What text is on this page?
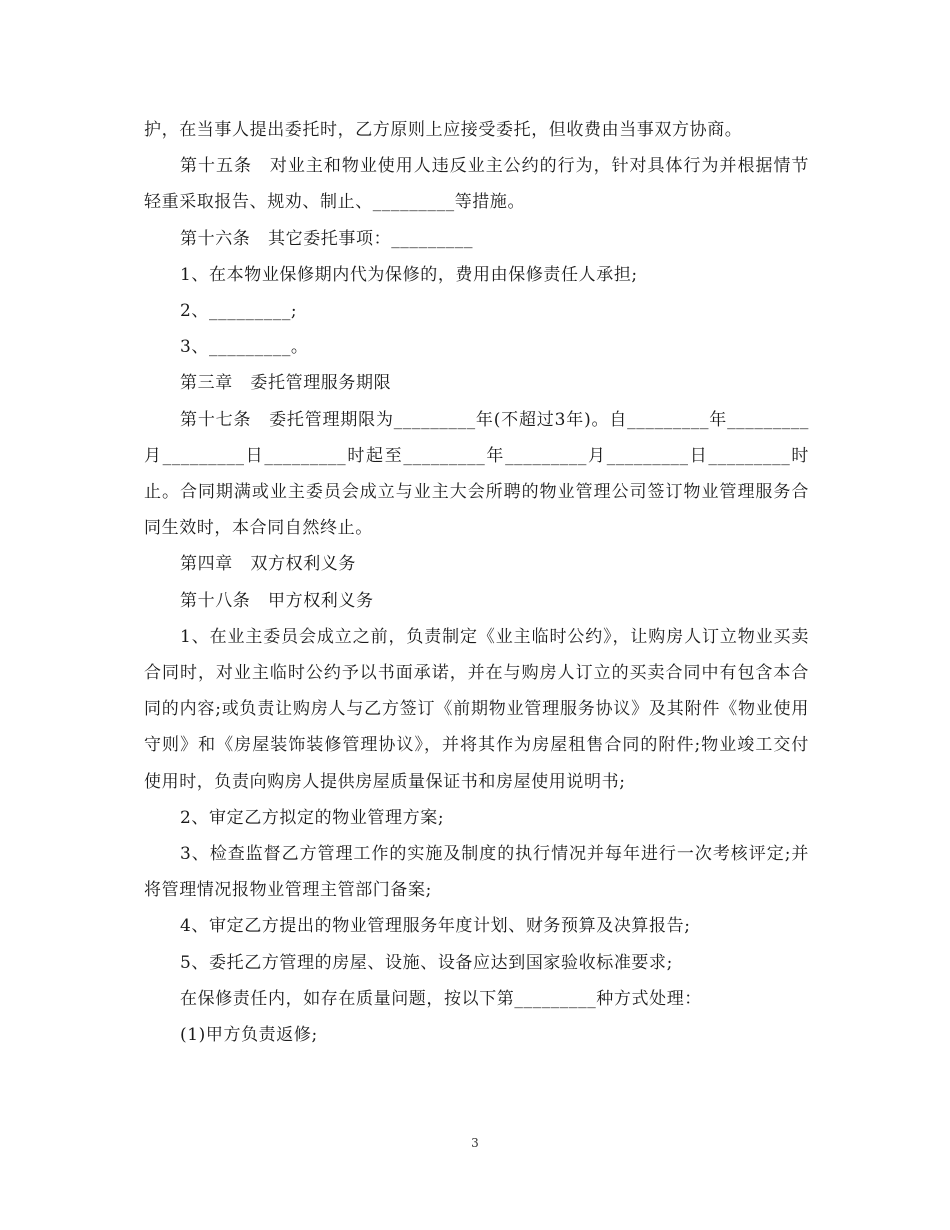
护，在当事人提出委托时，乙方原则上应接受委托，但收费由当事双方协商。

第十五条　对业主和物业使用人违反业主公约的行为，针对具体行为并根据情节轻重采取报告、规劝、制止、_________等措施。

第十六条　其它委托事项：_________

1、在本物业保修期内代为保修的，费用由保修责任人承担;

2、_________;

3、_________。

第三章　委托管理服务期限

第十七条　委托管理期限为_________年(不超过3年)。自_________年_________月_________日_________时起至_________年_________月_________日_________时止。合同期满或业主委员会成立与业主大会所聘的物业管理公司签订物业管理服务合同生效时，本合同自然终止。

第四章　双方权利义务

第十八条　甲方权利义务

1、在业主委员会成立之前，负责制定《业主临时公约》，让购房人订立物业买卖合同时，对业主临时公约予以书面承诺，并在与购房人订立的买卖合同中有包含本合同的内容;或负责让购房人与乙方签订《前期物业管理服务协议》及其附件《物业使用守则》和《房屋装饰装修管理协议》，并将其作为房屋租售合同的附件;物业竣工交付使用时，负责向购房人提供房屋质量保证书和房屋使用说明书;

2、审定乙方拟定的物业管理方案;

3、检查监督乙方管理工作的实施及制度的执行情况并每年进行一次考核评定;并将管理情况报物业管理主管部门备案;

4、审定乙方提出的物业管理服务年度计划、财务预算及决算报告;

5、委托乙方管理的房屋、设施、设备应达到国家验收标准要求;

在保修责任内，如存在质量问题，按以下第_________种方式处理：

(1)甲方负责返修;

3
